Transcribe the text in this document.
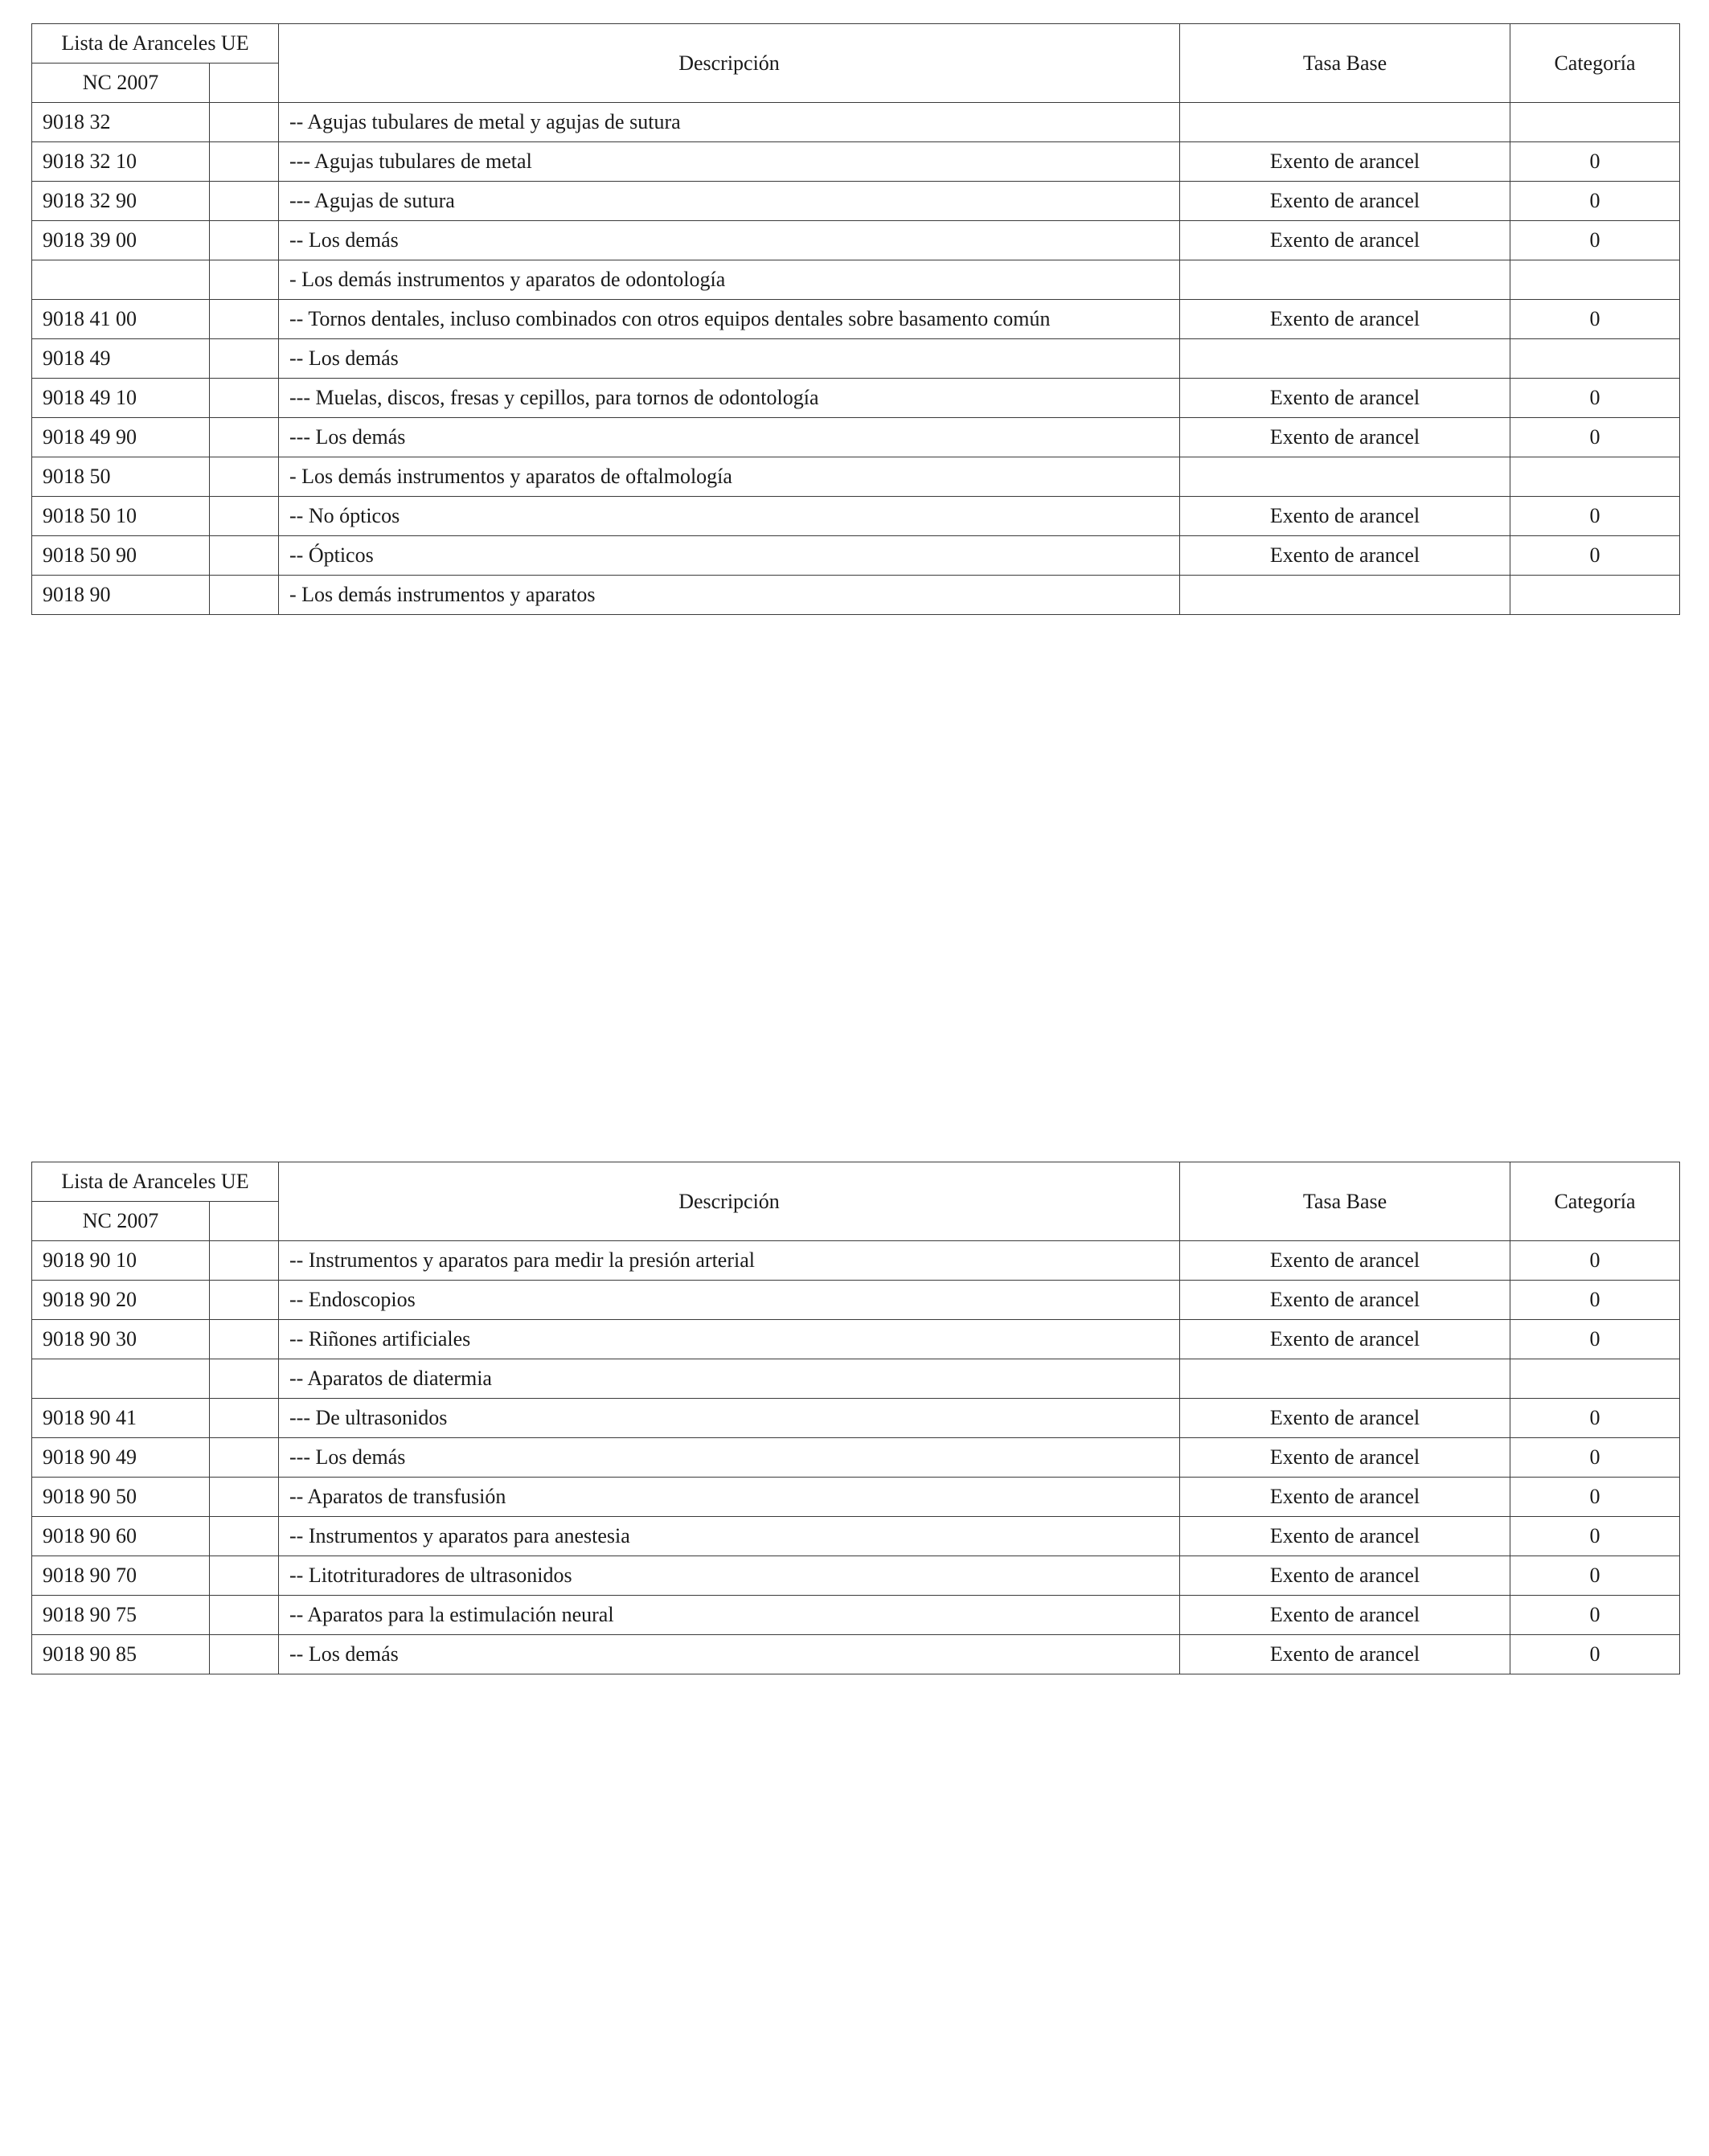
Lista de Aranceles UE		Descripción	Tasa Base	Categoría
NC 2007				
9018 32		-- Agujas tubulares de metal y agujas de sutura		
9018 32 10		--- Agujas tubulares de metal	Exento de arancel	0
9018 32 90		--- Agujas de sutura	Exento de arancel	0
9018 39 00		-- Los demás	Exento de arancel	0
		- Los demás instrumentos y aparatos de odontología		
9018 41 00		-- Tornos dentales, incluso combinados con otros equipos dentales sobre basamento común	Exento de arancel	0
9018 49		-- Los demás		
9018 49 10		--- Muelas, discos, fresas y cepillos, para tornos de odontología	Exento de arancel	0
9018 49 90		--- Los demás	Exento de arancel	0
9018 50		- Los demás instrumentos y aparatos de oftalmología		
9018 50 10		-- No ópticos	Exento de arancel	0
9018 50 90		-- Ópticos	Exento de arancel	0
9018 90		- Los demás instrumentos y aparatos		
Lista de Aranceles UE		Descripción	Tasa Base	Categoría
NC 2007				
9018 90 10		-- Instrumentos y aparatos para medir la presión arterial	Exento de arancel	0
9018 90 20		-- Endoscopios	Exento de arancel	0
9018 90 30		-- Riñones artificiales	Exento de arancel	0
		-- Aparatos de diatermia		
9018 90 41		--- De ultrasonidos	Exento de arancel	0
9018 90 49		--- Los demás	Exento de arancel	0
9018 90 50		-- Aparatos de transfusión	Exento de arancel	0
9018 90 60		-- Instrumentos y aparatos para anestesia	Exento de arancel	0
9018 90 70		-- Litotrituradores de ultrasonidos	Exento de arancel	0
9018 90 75		-- Aparatos para la estimulación neural	Exento de arancel	0
9018 90 85		-- Los demás	Exento de arancel	0
